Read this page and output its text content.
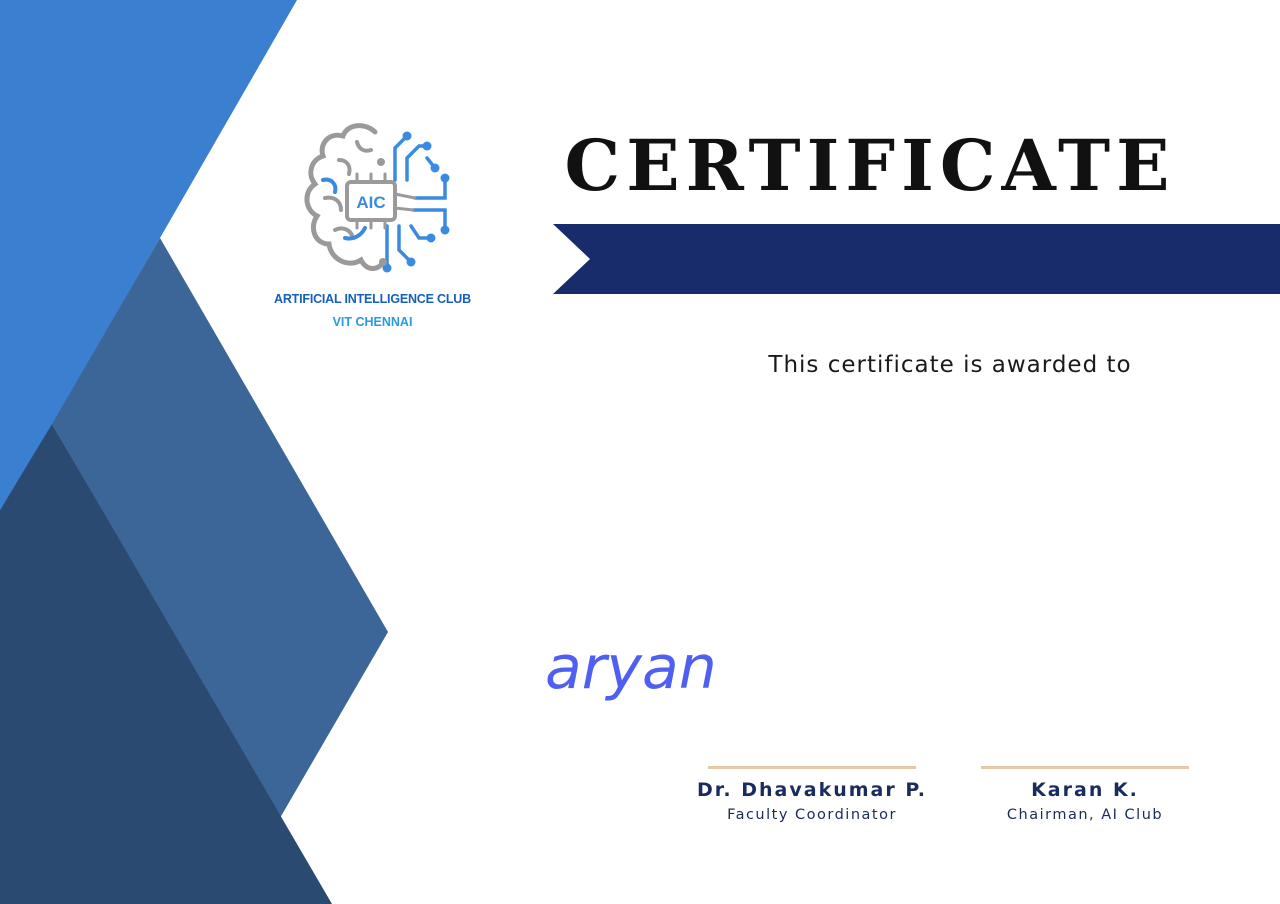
AIC
ARTIFICIAL INTELLIGENCE CLUB
VIT CHENNAI
CERTIFICATE
This certificate is awarded to
aryan
Dr. Dhavakumar P.
Faculty Coordinator
Karan K.
Chairman, AI Club
